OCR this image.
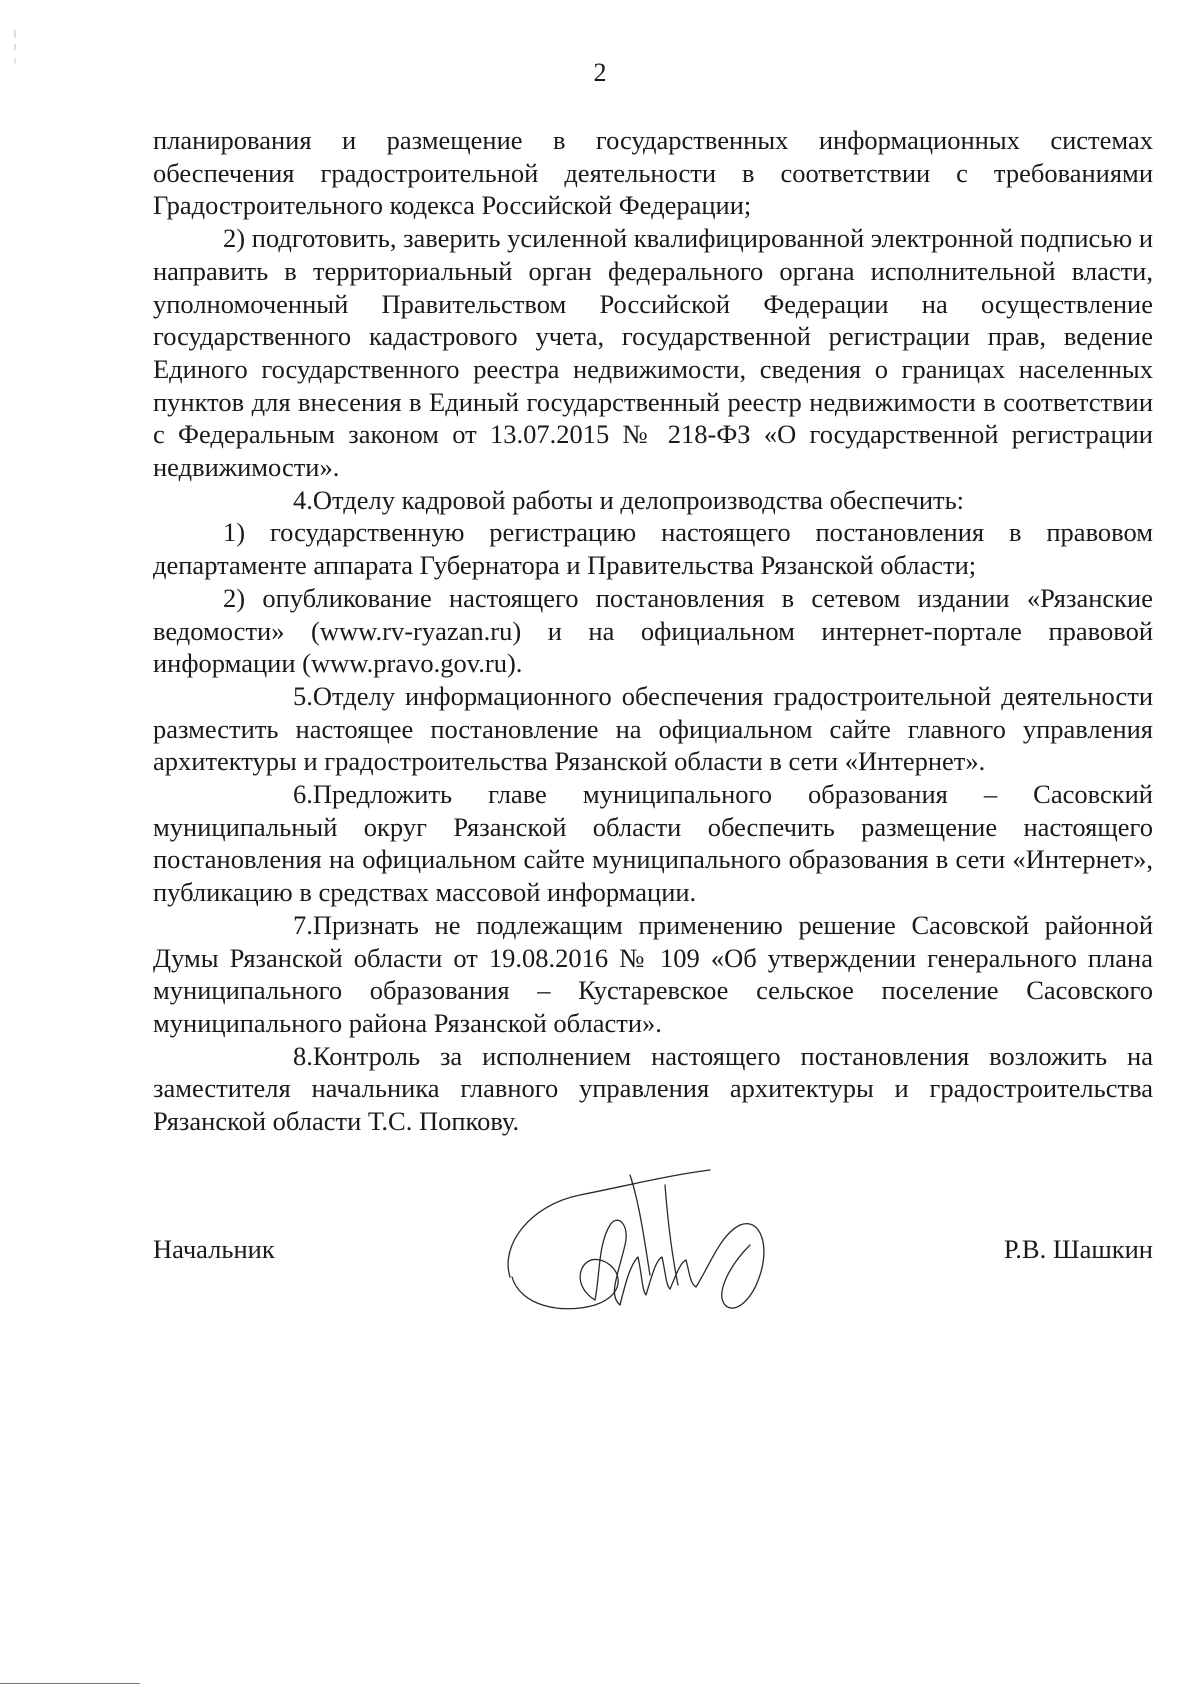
2

планирования и размещение в государственных информационных системах обеспечения градостроительной деятельности в соответствии с требованиями Градостроительного кодекса Российской Федерации;

2) подготовить, заверить усиленной квалифицированной электронной подписью и направить в территориальный орган федерального органа исполнительной власти, уполномоченный Правительством Российской Федерации на осуществление государственного кадастрового учета, государственной регистрации прав, ведение Единого государственного реестра недвижимости, сведения о границах населенных пунктов для внесения в Единый государственный реестр недвижимости в соответствии с Федеральным законом от 13.07.2015 № 218-ФЗ «О государственной регистрации недвижимости».

4.Отделу кадровой работы и делопроизводства обеспечить:

1) государственную регистрацию настоящего постановления в правовом департаменте аппарата Губернатора и Правительства Рязанской области;

2) опубликование настоящего постановления в сетевом издании «Рязанские ведомости» (www.rv-ryazan.ru) и на официальном интернет-портале правовой информации (www.pravo.gov.ru).

5.Отделу информационного обеспечения градостроительной деятельности разместить настоящее постановление на официальном сайте главного управления архитектуры и градостроительства Рязанской области в сети «Интернет».

6.Предложить главе муниципального образования – Сасовский муниципальный округ Рязанской области обеспечить размещение настоящего постановления на официальном сайте муниципального образования в сети «Интернет», публикацию в средствах массовой информации.

7.Признать не подлежащим применению решение Сасовской районной Думы Рязанской области от 19.08.2016 № 109 «Об утверждении генерального плана муниципального образования – Кустаревское сельское поселение Сасовского муниципального района Рязанской области».

8.Контроль за исполнением настоящего постановления возложить на заместителя начальника главного управления архитектуры и градостроительства Рязанской области Т.С. Попкову.

Начальник	Р.В. Шашкин
